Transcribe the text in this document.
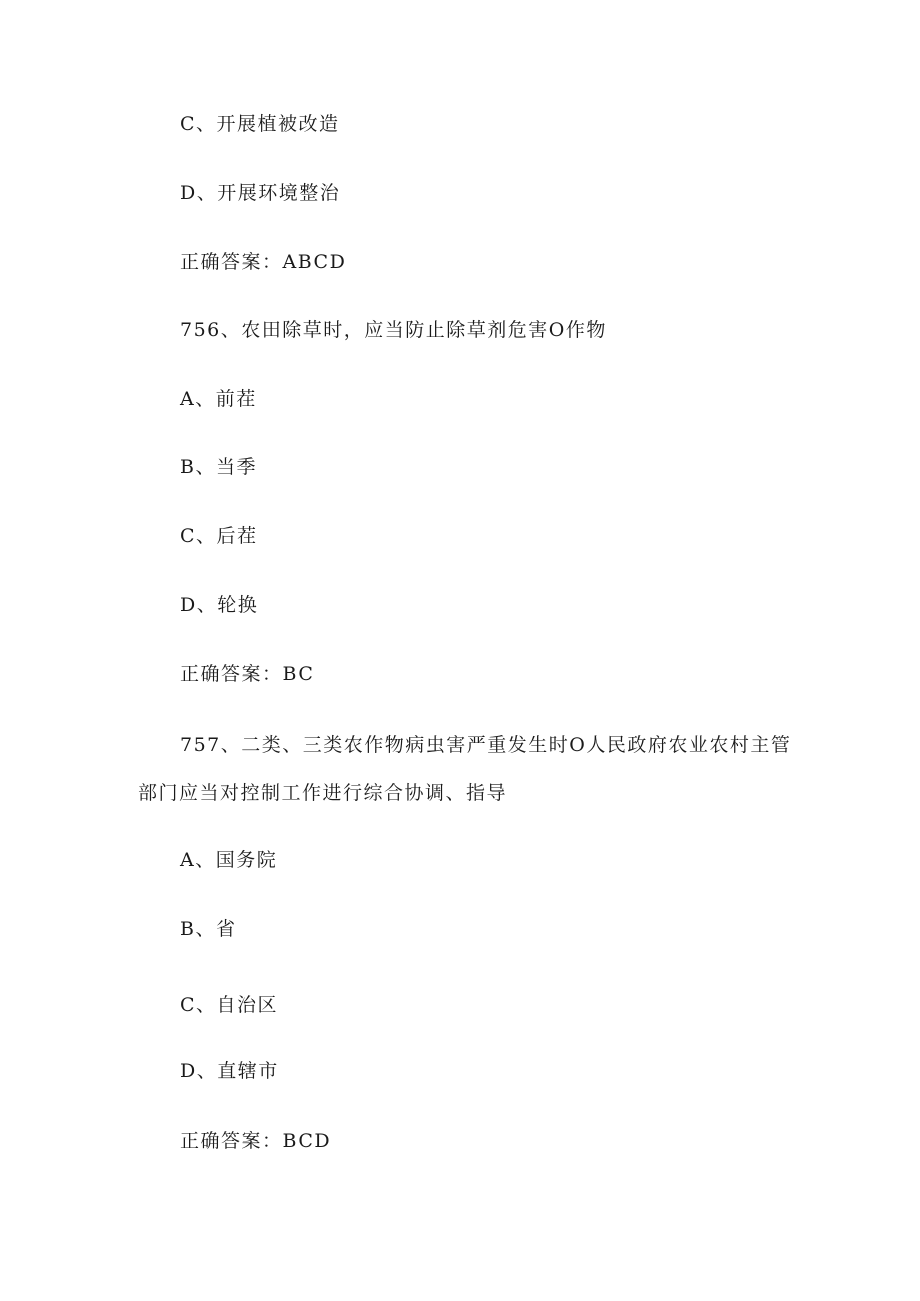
C、开展植被改造
D、开展环境整治
正确答案：ABCD
756、农田除草时，应当防止除草剂危害O作物
A、前茬
B、当季
C、后茬
D、轮换
正确答案：BC
757、二类、三类农作物病虫害严重发生时O人民政府农业农村主管
部门应当对控制工作进行综合协调、指导
A、国务院
B、省
C、自治区
D、直辖市
正确答案：BCD
